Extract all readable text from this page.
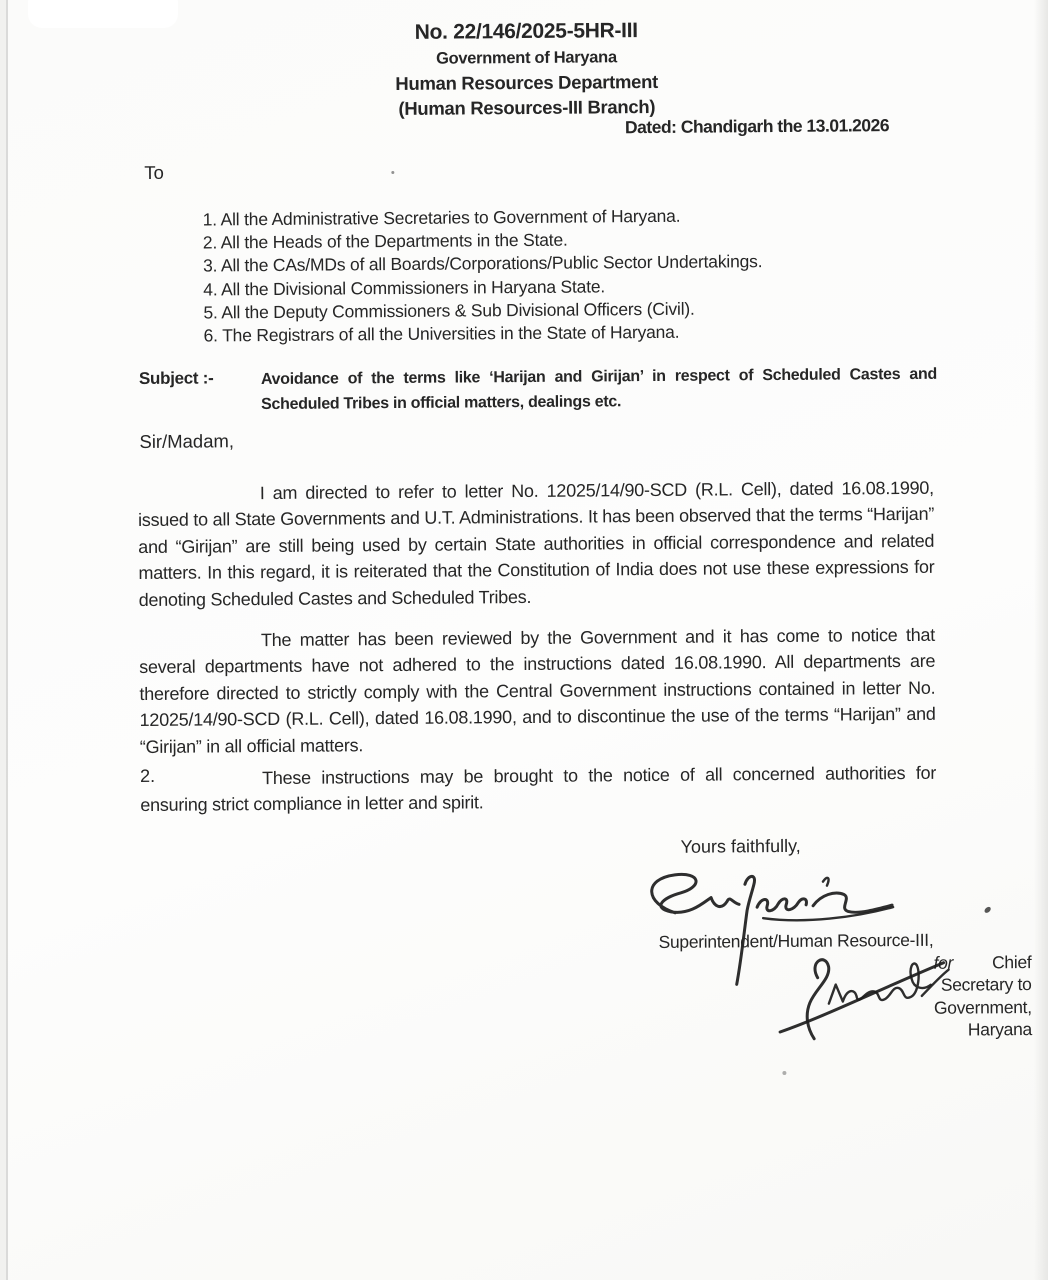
No. 22/146/2025-5HR-III
Government of Haryana
Human Resources Department
(Human Resources-III Branch)
Dated: Chandigarh the 13.01.2026
To
1. All the Administrative Secretaries to Government of Haryana.
2. All the Heads of the Departments in the State.
3. All the CAs/MDs of all Boards/Corporations/Public Sector Undertakings.
4. All the Divisional Commissioners in Haryana State.
5. All the Deputy Commissioners & Sub Divisional Officers (Civil).
6. The Registrars of all the Universities in the State of Haryana.
Subject :-	Avoidance of the terms like ‘Harijan and Girijan’ in respect of Scheduled Castes and Scheduled Tribes in official matters, dealings etc.
Sir/Madam,

I am directed to refer to letter No. 12025/14/90-SCD (R.L. Cell), dated 16.08.1990, issued to all State Governments and U.T. Administrations. It has been observed that the terms “Harijan” and “Girijan” are still being used by certain State authorities in official correspondence and related matters. In this regard, it is reiterated that the Constitution of India does not use these expressions for denoting Scheduled Castes and Scheduled Tribes.

The matter has been reviewed by the Government and it has come to notice that several departments have not adhered to the instructions dated 16.08.1990. All departments are therefore directed to strictly comply with the Central Government instructions contained in letter No. 12025/14/90-SCD (R.L. Cell), dated 16.08.1990, and to discontinue the use of the terms “Harijan” and “Girijan” in all official matters.

2.	These instructions may be brought to the notice of all concerned authorities for ensuring strict compliance in letter and spirit.

Yours faithfully,
Superintendent/Human Resource-III,
for	Chief Secretary to Government, Haryana
